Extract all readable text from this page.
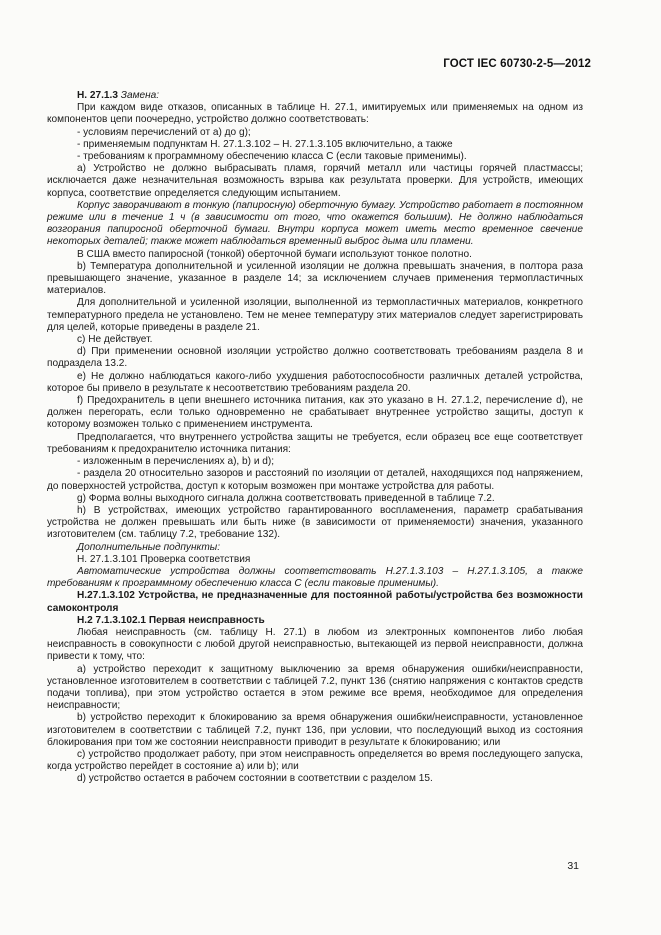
ГОСТ IEC 60730-2-5—2012

Н. 27.1.3 Замена:

При каждом виде отказов, описанных в таблице Н. 27.1, имитируемых или применяемых на одном из компонентов цепи поочередно, устройство должно соответствовать:

- условиям перечислений от а) до g);

- применяемым подпунктам Н. 27.1.3.102 – Н. 27.1.3.105 включительно, а также

- требованиям к программному обеспечению класса С (если таковые применимы).

а) Устройство не должно выбрасывать пламя, горячий металл или частицы горячей пластмассы; исключается даже незначительная возможность взрыва как результата проверки. Для устройств, имеющих корпуса, соответствие определяется следующим испытанием.

Корпус заворачивают в тонкую (папиросную) оберточную бумагу. Устройство работает в постоянном режиме или в течение 1 ч (в зависимости от того, что окажется большим). Не должно наблюдаться возгорания папиросной оберточной бумаги. Внутри корпуса может иметь место временное свечение некоторых деталей; также может наблюдаться временный выброс дыма или пламени.

В США вместо папиросной (тонкой) оберточной бумаги используют тонкое полотно.

b) Температура дополнительной и усиленной изоляции не должна превышать значения, в полтора раза превышающего значение, указанное в разделе 14; за исключением случаев применения термопластичных материалов.

Для дополнительной и усиленной изоляции, выполненной из термопластичных материалов, конкретного температурного предела не установлено. Тем не менее температуру этих материалов следует зарегистрировать для целей, которые приведены в разделе 21.

с) Не действует.

d) При применении основной изоляции устройство должно соответствовать требованиям раздела 8 и подраздела 13.2.

е) Не должно наблюдаться какого-либо ухудшения работоспособности различных деталей устройства, которое бы привело в результате к несоответствию требованиям раздела 20.

f) Предохранитель в цепи внешнего источника питания, как это указано в Н. 27.1.2, перечисление d), не должен перегорать, если только одновременно не срабатывает внутреннее устройство защиты, доступ к которому возможен только с применением инструмента.

Предполагается, что внутреннего устройства защиты не требуется, если образец все еще соответствует требованиям к предохранителю источника питания:

- изложенным в перечислениях а), b) и d);

- раздела 20 относительно зазоров и расстояний по изоляции от деталей, находящихся под напряжением, до поверхностей устройства, доступ к которым возможен при монтаже устройства для работы.

g) Форма волны выходного сигнала должна соответствовать приведенной в таблице 7.2.

h) В устройствах, имеющих устройство гарантированного воспламенения, параметр срабатывания устройства не должен превышать или быть ниже (в зависимости от применяемости) значения, указанного изготовителем (см. таблицу 7.2, требование 132).

Дополнительные подпункты:

Н. 27.1.3.101 Проверка соответствия

Автоматические устройства должны соответствовать Н.27.1.3.103 – Н.27.1.3.105, а также требованиям к программному обеспечению класса С (если таковые применимы).

Н.27.1.3.102 Устройства, не предназначенные для постоянной работы/устройства без возможности самоконтроля

Н.2 7.1.3.102.1 Первая неисправность

Любая неисправность (см. таблицу Н. 27.1) в любом из электронных компонентов либо любая неисправность в совокупности с любой другой неисправностью, вытекающей из первой неисправности, должна привести к тому, что:

а) устройство переходит к защитному выключению за время обнаружения ошибки/неисправности, установленное изготовителем в соответствии с таблицей 7.2, пункт 136 (снятию напряжения с контактов средств подачи топлива), при этом устройство остается в этом режиме все время, необходимое для определения неисправности;

b) устройство переходит к блокированию за время обнаружения ошибки/неисправности, установленное изготовителем в соответствии с таблицей 7.2, пункт 136, при условии, что последующий выход из состояния блокирования при том же состоянии неисправности приводит в результате к блокированию; или

с) устройство продолжает работу, при этом неисправность определяется во время последующего запуска, когда устройство перейдет в состояние а) или b); или

d) устройство остается в рабочем состоянии в соответствии с разделом 15.

31
